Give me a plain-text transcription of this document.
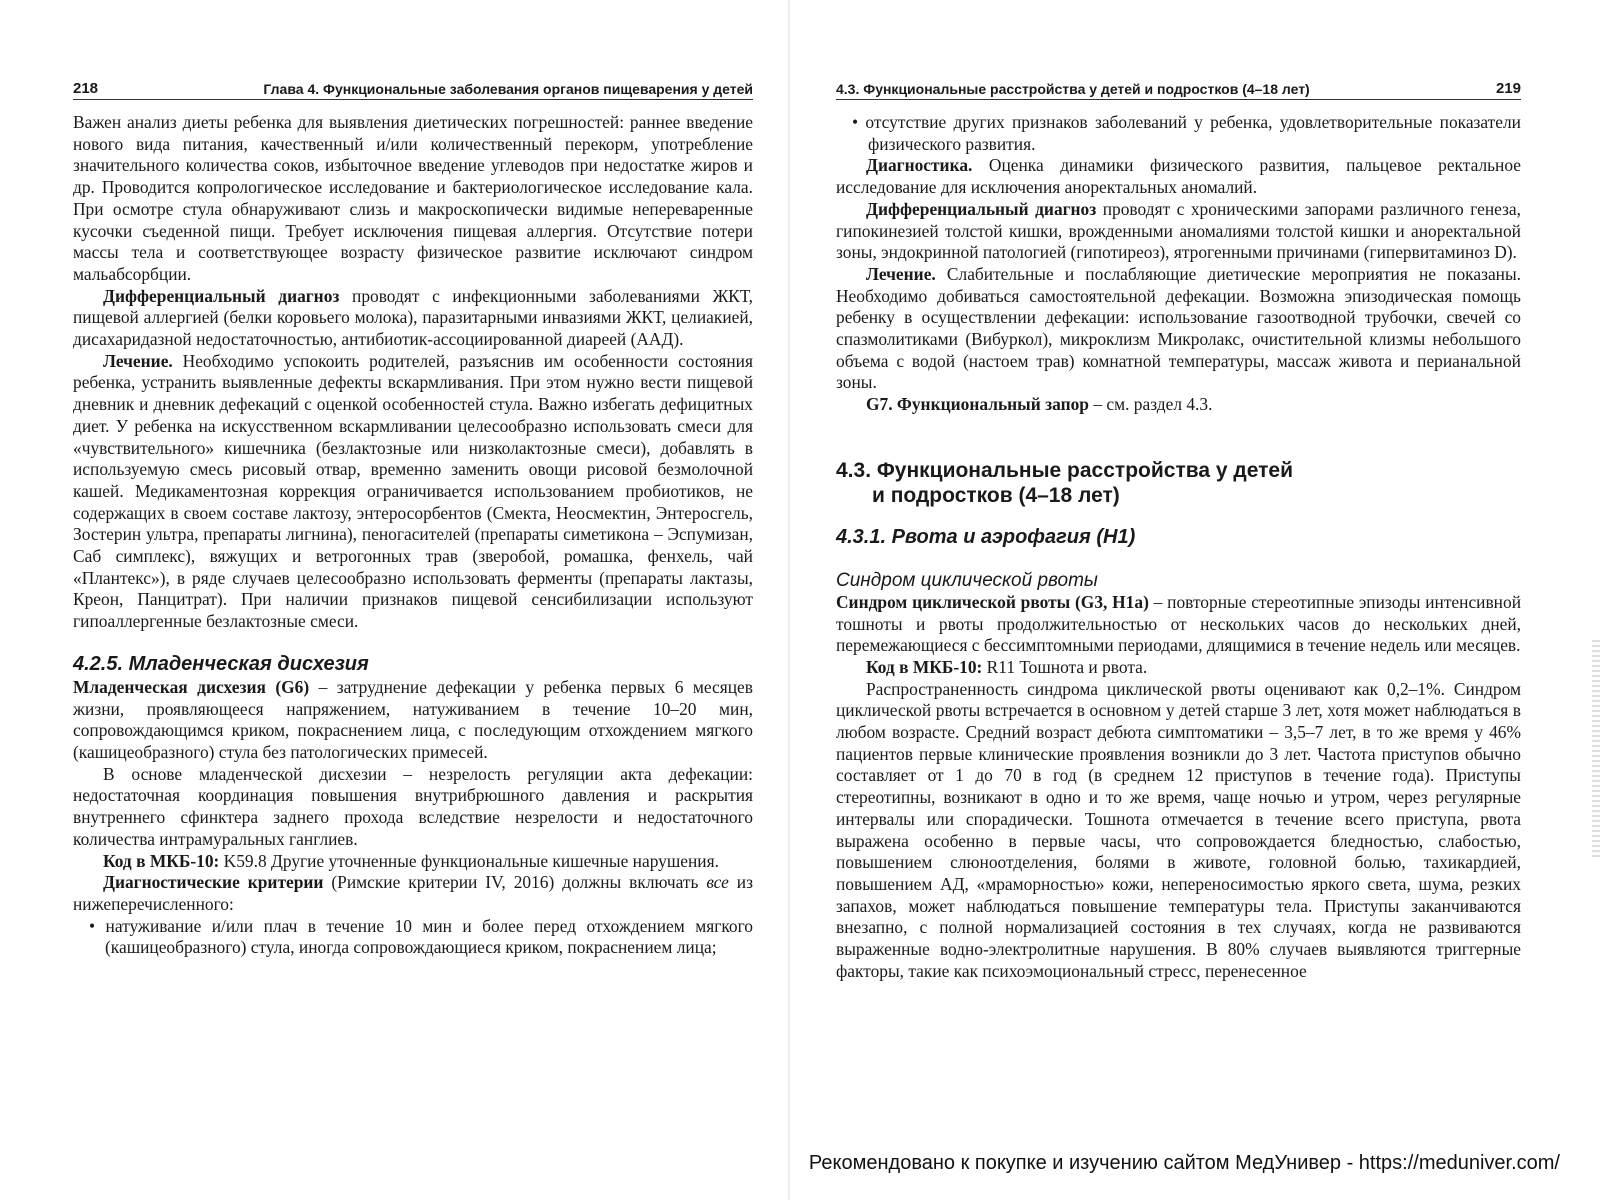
218	Глава 4. Функциональные заболевания органов пищеварения у детей

Важен анализ диеты ребенка для выявления диетических погрешностей: раннее введение нового вида питания, качественный и/или количественный перекорм, употребление значительного количества соков, избыточное введение углеводов при недостатке жиров и др. Проводится копрологическое исследование и бактериологическое исследование кала. При осмотре стула обнаруживают слизь и макроскопически видимые непереваренные кусочки съеденной пищи. Требует исключения пищевая аллергия. Отсутствие потери массы тела и соответствующее возрасту физическое развитие исключают синдром мальабсорбции.

Дифференциальный диагноз проводят с инфекционными заболеваниями ЖКТ, пищевой аллергией (белки коровьего молока), паразитарными инвазиями ЖКТ, целиакией, дисахаридазной недостаточностью, антибиотик-ассоциированной диареей (ААД).

Лечение. Необходимо успокоить родителей, разъяснив им особенности состояния ребенка, устранить выявленные дефекты вскармливания. При этом нужно вести пищевой дневник и дневник дефекаций с оценкой особенностей стула. Важно избегать дефицитных диет. У ребенка на искусственном вскармливании целесообразно использовать смеси для «чувствительного» кишечника (безлактозные или низколактозные смеси), добавлять в используемую смесь рисовый отвар, временно заменить овощи рисовой безмолочной кашей. Медикаментозная коррекция ограничивается использованием пробиотиков, не содержащих в своем составе лактозу, энтеросорбентов (Смекта, Неосмектин, Энтеросгель, Зостерин ультра, препараты лигнина), пеногасителей (препараты симетикона – Эспумизан, Саб симплекс), вяжущих и ветрогонных трав (зверобой, ромашка, фенхель, чай «Плантекс»), в ряде случаев целесообразно использовать ферменты (препараты лактазы, Креон, Панцитрат). При наличии признаков пищевой сенсибилизации используют гипоаллергенные безлактозные смеси.

4.2.5. Младенческая дисхезия

Младенческая дисхезия (G6) – затруднение дефекации у ребенка первых 6 месяцев жизни, проявляющееся напряжением, натуживанием в течение 10–20 мин, сопровождающимся криком, покраснением лица, с последующим отхождением мягкого (кашицеобразного) стула без патологических примесей.

В основе младенческой дисхезии – незрелость регуляции акта дефекации: недостаточная координация повышения внутрибрюшного давления и раскрытия внутреннего сфинктера заднего прохода вследствие незрелости и недостаточного количества интрамуральных ганглиев.

Код в МКБ-10: K59.8 Другие уточненные функциональные кишечные нарушения.

Диагностические критерии (Римские критерии IV, 2016) должны включать все из нижеперечисленного:

• натуживание и/или плач в течение 10 мин и более перед отхождением мягкого (кашицеобразного) стула, иногда сопровождающиеся криком, покраснением лица;

4.3. Функциональные расстройства у детей и подростков (4–18 лет)	219

• отсутствие других признаков заболеваний у ребенка, удовлетворительные показатели физического развития.

Диагностика. Оценка динамики физического развития, пальцевое ректальное исследование для исключения аноректальных аномалий.

Дифференциальный диагноз проводят с хроническими запорами различного генеза, гипокинезией толстой кишки, врожденными аномалиями толстой кишки и аноректальной зоны, эндокринной патологией (гипотиреоз), ятрогенными причинами (гипервитаминоз D).

Лечение. Слабительные и послабляющие диетические мероприятия не показаны. Необходимо добиваться самостоятельной дефекации. Возможна эпизодическая помощь ребенку в осуществлении дефекации: использование газоотводной трубочки, свечей со спазмолитиками (Вибуркол), микроклизм Микролакс, очистительной клизмы небольшого объема с водой (настоем трав) комнатной температуры, массаж живота и перианальной зоны.

G7. Функциональный запор – см. раздел 4.3.

4.3. Функциональные расстройства у детей
и подростков (4–18 лет)

4.3.1. Рвота и аэрофагия (H1)

Синдром циклической рвоты

Синдром циклической рвоты (G3, H1a) – повторные стереотипные эпизоды интенсивной тошноты и рвоты продолжительностью от нескольких часов до нескольких дней, перемежающиеся с бессимптомными периодами, длящимися в течение недель или месяцев.

Код в МКБ-10: R11 Тошнота и рвота.

Распространенность синдрома циклической рвоты оценивают как 0,2–1%. Синдром циклической рвоты встречается в основном у детей старше 3 лет, хотя может наблюдаться в любом возрасте. Средний возраст дебюта симптоматики – 3,5–7 лет, в то же время у 46% пациентов первые клинические проявления возникли до 3 лет. Частота приступов обычно составляет от 1 до 70 в год (в среднем 12 приступов в течение года). Приступы стереотипны, возникают в одно и то же время, чаще ночью и утром, через регулярные интервалы или спорадически. Тошнота отмечается в течение всего приступа, рвота выражена особенно в первые часы, что сопровождается бледностью, слабостью, повышением слюноотделения, болями в животе, головной болью, тахикардией, повышением АД, «мраморностью» кожи, непереносимостью яркого света, шума, резких запахов, может наблюдаться повышение температуры тела. Приступы заканчиваются внезапно, с полной нормализацией состояния в тех случаях, когда не развиваются выраженные водно-электролитные нарушения. В 80% случаев выявляются триггерные факторы, такие как психоэмоциональный стресс, перенесенное

Рекомендовано к покупке и изучению сайтом МедУнивер - https://meduniver.com/
